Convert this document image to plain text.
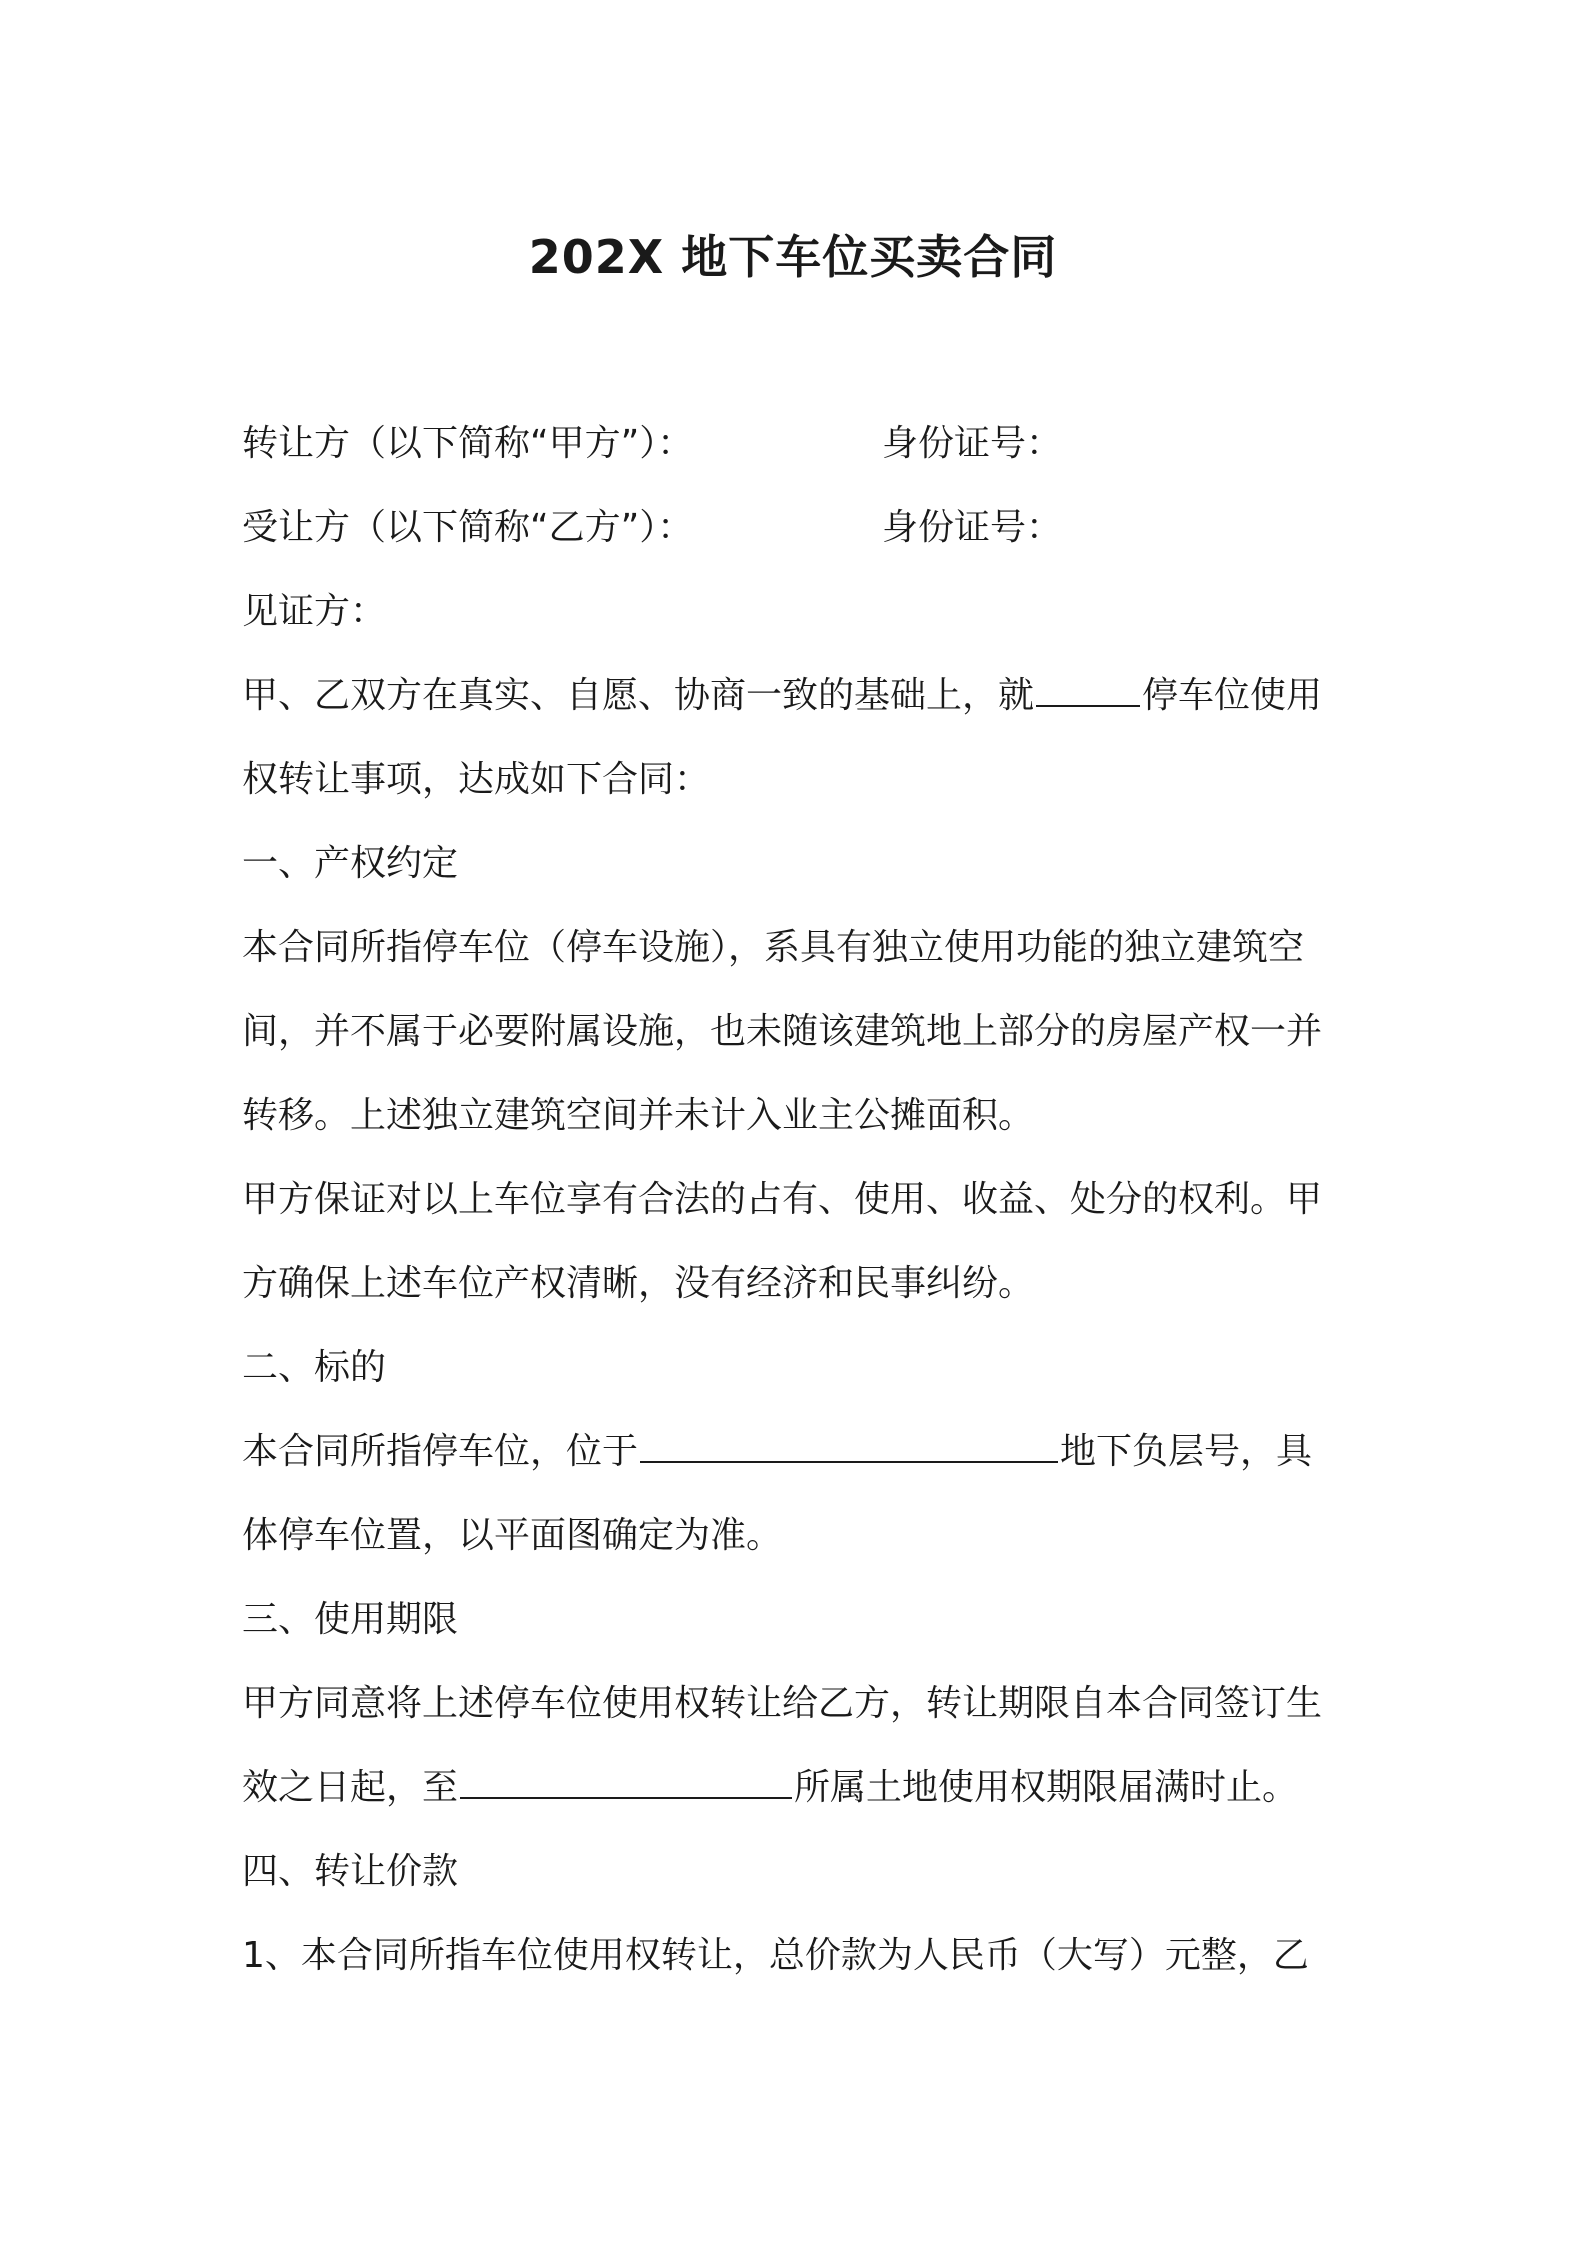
202X 地下车位买卖合同
转让方（以下简称“甲方”）：	身份证号：
受让方（以下简称“乙方”）：	身份证号：
见证方：
甲、乙双方在真实、自愿、协商一致的基础上，就	停车位使用
权转让事项，达成如下合同：
一、产权约定
本合同所指停车位（停车设施），系具有独立使用功能的独立建筑空
间，并不属于必要附属设施，也未随该建筑地上部分的房屋产权一并
转移。上述独立建筑空间并未计入业主公摊面积。
甲方保证对以上车位享有合法的占有、使用、收益、处分的权利。甲
方确保上述车位产权清晰，没有经济和民事纠纷。
二、标的
本合同所指停车位，位于	地下负层号，具
体停车位置，以平面图确定为准。
三、使用期限
甲方同意将上述停车位使用权转让给乙方，转让期限自本合同签订生
效之日起，至	所属土地使用权期限届满时止。
四、转让价款
1、本合同所指车位使用权转让，总价款为人民币（大写）元整，乙
